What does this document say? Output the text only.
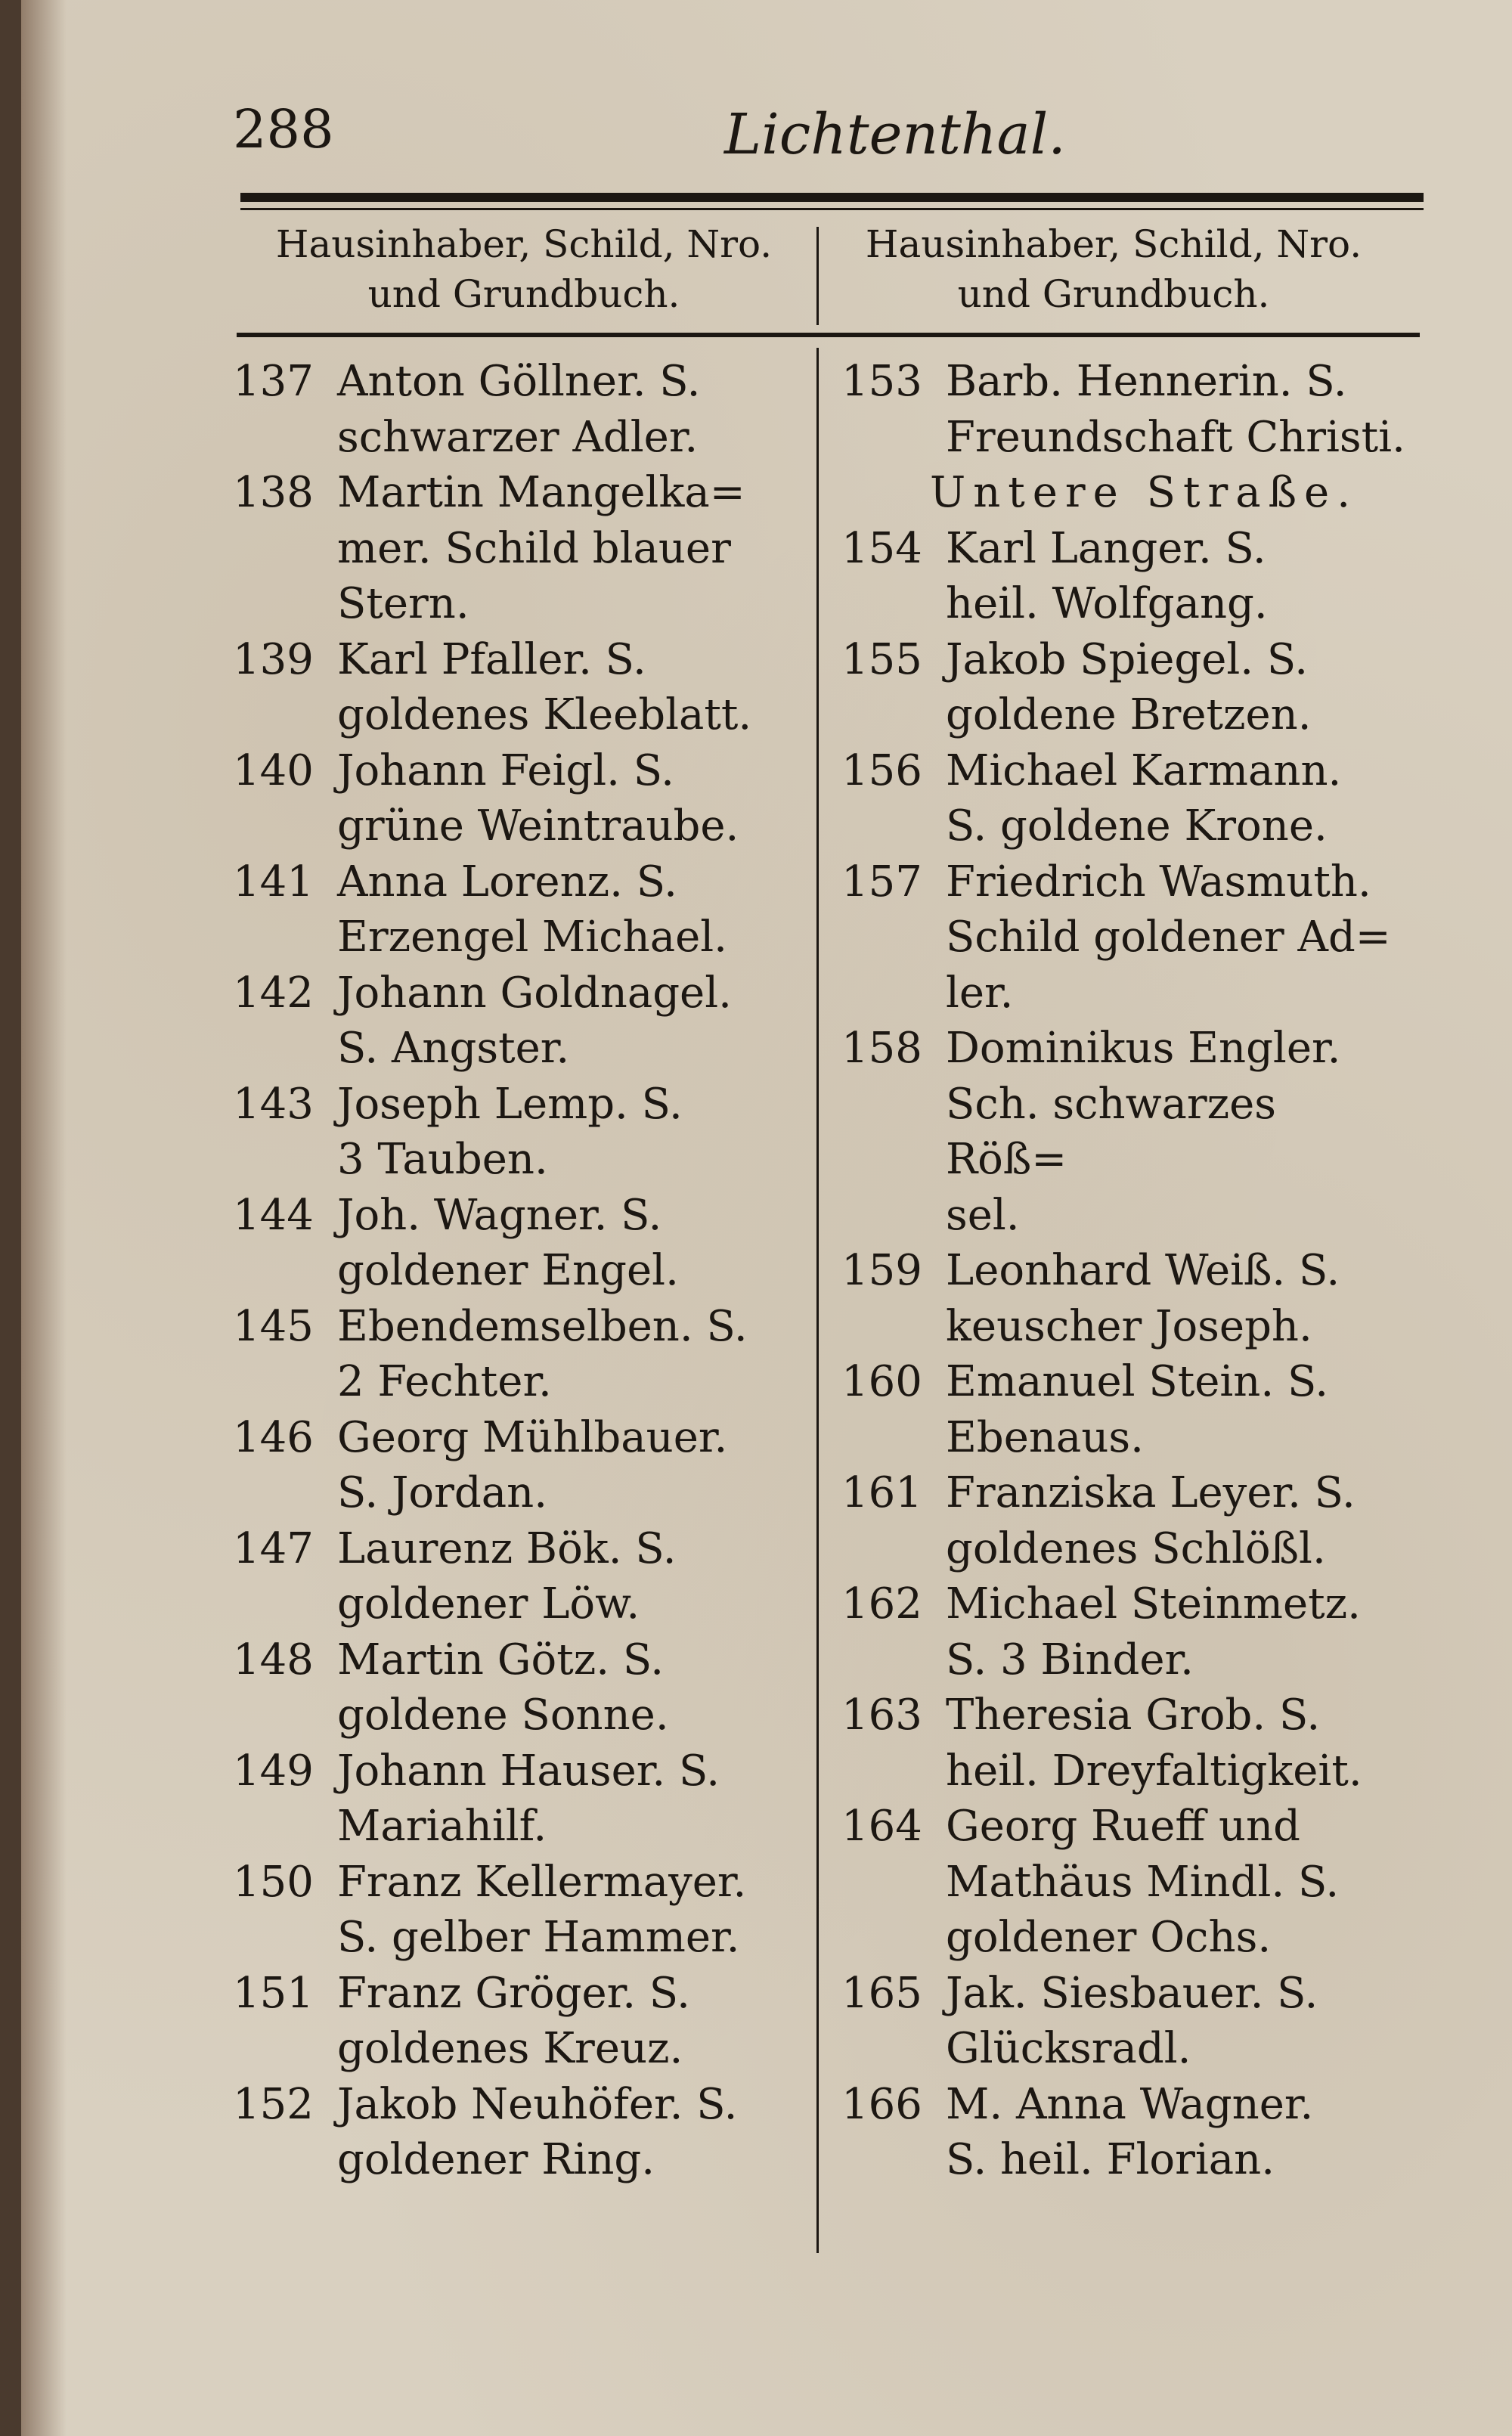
288	Lichtenthal.
Hausinhaber, Schild, Nro.
und Grundbuch.
Hausinhaber, Schild, Nro.
und Grundbuch.
137 Anton Göllner. S.
schwarzer Adler.
138 Martin Mangelka=
mer. Schild blauer
Stern.
139 Karl Pfaller. S.
goldenes Kleeblatt.
140 Johann Feigl. S.
grüne Weintraube.
141 Anna Lorenz. S.
Erzengel Michael.
142 Johann Goldnagel.
S. Angster.
143 Joseph Lemp. S.
3 Tauben.
144 Joh. Wagner. S.
goldener Engel.
145 Ebendemselben. S.
2 Fechter.
146 Georg Mühlbauer.
S. Jordan.
147 Laurenz Bök. S.
goldener Löw.
148 Martin Götz. S.
goldene Sonne.
149 Johann Hauser. S.
Mariahilf.
150 Franz Kellermayer.
S. gelber Hammer.
151 Franz Gröger. S.
goldenes Kreuz.
152 Jakob Neuhöfer. S.
goldener Ring.
153 Barb. Hennerin. S.
Freundschaft Christi.
Untere Straße.
154 Karl Langer. S.
heil. Wolfgang.
155 Jakob Spiegel. S.
goldene Bretzen.
156 Michael Karmann.
S. goldene Krone.
157 Friedrich Wasmuth.
Schild goldener Ad=
ler.
158 Dominikus Engler.
Sch. schwarzes Röß=
sel.
159 Leonhard Weiß. S.
keuscher Joseph.
160 Emanuel Stein. S.
Ebenaus.
161 Franziska Leyer. S.
goldenes Schlößl.
162 Michael Steinmetz.
S. 3 Binder.
163 Theresia Grob. S.
heil. Dreyfaltigkeit.
164 Georg Rueff und
Mathäus Mindl. S.
goldener Ochs.
165 Jak. Siesbauer. S.
Glücksradl.
166 M. Anna Wagner.
S. heil. Florian.
